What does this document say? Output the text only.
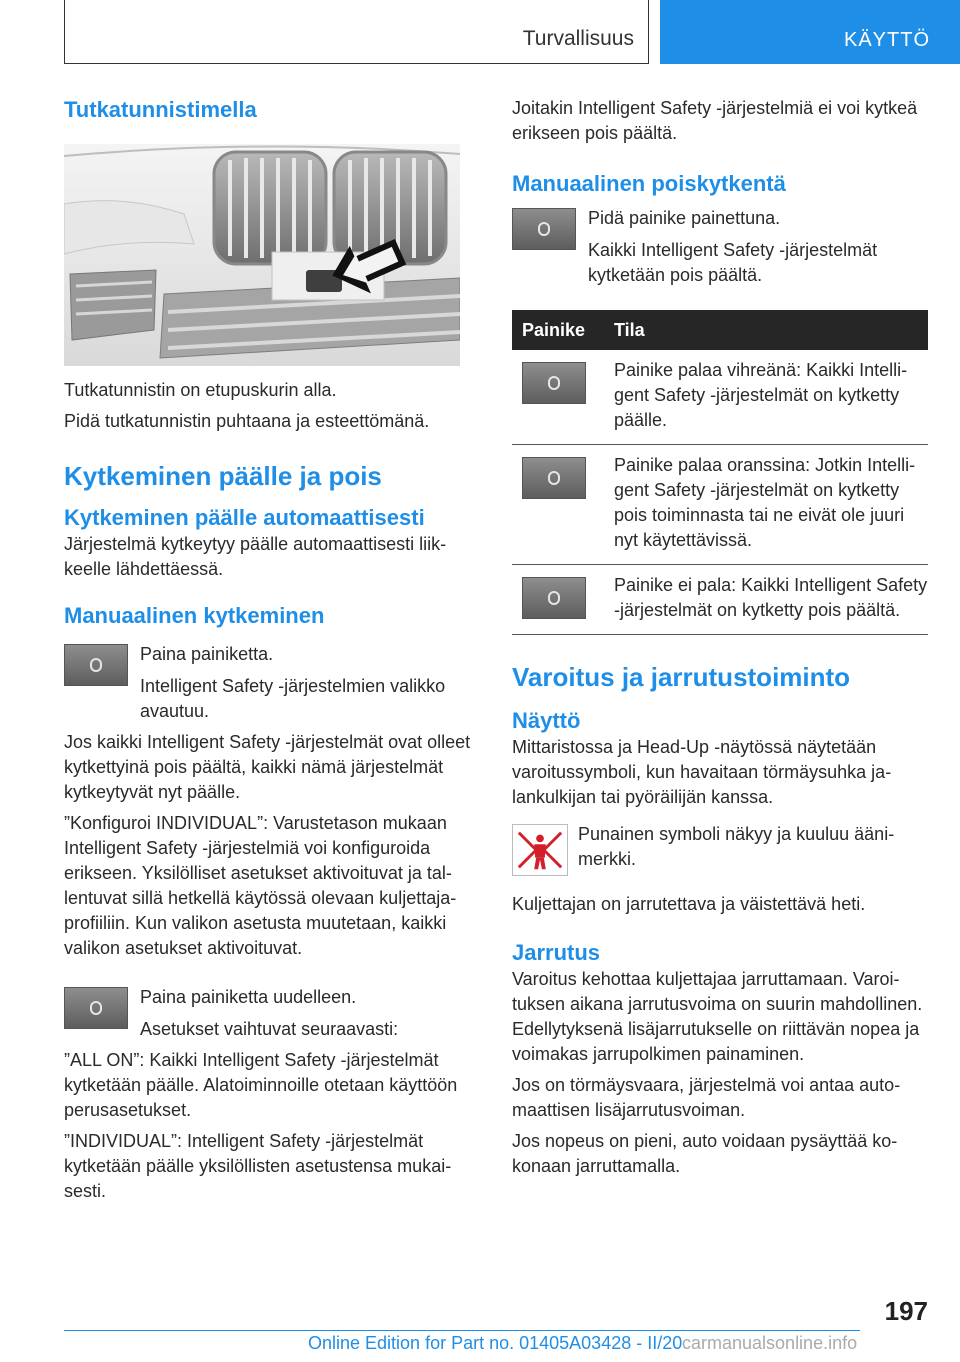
Turvallisuus	KÄYTTÖ
Tutkatunnistimella

Tutkatunnistin on etupuskurin alla.

Pidä tutkatunnistin puhtaana ja esteettömänä.

Kytkeminen päälle ja pois
Kytkeminen päälle automaattisesti

Järjestelmä kytkeytyy päälle automaattisesti liikkeelle lähdettäessä.

Manuaalinen kytkeminen

Paina painiketta.

Intelligent Safety -järjestelmien valikko avautuu.

Jos kaikki Intelligent Safety -järjestelmät ovat olleet kytkettyinä pois päältä, kaikki nämä järjestelmät kytkeytyvät nyt päälle.

”Konfiguroi INDIVIDUAL”: Varustetason mukaan Intelligent Safety -järjestelmiä voi konfiguroida erikseen. Yksilölliset asetukset aktivoituvat ja tallentuvat sillä hetkellä käytössä olevaan kuljettajaprofiiliin. Kun valikon asetusta muutetaan, kaikki valikon asetukset aktivoituvat.

Paina painiketta uudelleen.

Asetukset vaihtuvat seuraavasti:

”ALL ON”: Kaikki Intelligent Safety -järjestelmät kytketään päälle. Alatoiminnoille otetaan käyttöön perusasetukset.

”INDIVIDUAL”: Intelligent Safety -järjestelmät kytketään päälle yksilöllisten asetustensa mukaisesti.

Joitakin Intelligent Safety -järjestelmiä ei voi kytkeä erikseen pois päältä.

Manuaalinen poiskytkentä

Pidä painike painettuna.

Kaikki Intelligent Safety -järjestelmät kytketään pois päältä.

Painike	Tila
	Painike palaa vihreänä: Kaikki Intelligent Safety -järjestelmät on kytketty päälle.
	Painike palaa oranssina: Jotkin Intelligent Safety -järjestelmät on kytketty pois toiminnasta tai ne eivät ole juuri nyt käytettävissä.
	Painike ei pala: Kaikki Intelligent Safety -järjestelmät on kytketty pois päältä.
Varoitus ja jarrutustoiminto
Näyttö

Mittaristossa ja Head-Up -näytössä näytetään varoitussymboli, kun havaitaan törmäysuhka jalankulkijan tai pyöräilijän kanssa.

Punainen symboli näkyy ja kuuluu äänimerkki.

Kuljettajan on jarrutettava ja väistettävä heti.

Jarrutus

Varoitus kehottaa kuljettajaa jarruttamaan. Varoituksen aikana jarrutusvoima on suurin mahdollinen. Edellytyksenä lisäjarrutukselle on riittävän nopea ja voimakas jarrupolkimen painaminen.

Jos on törmäysvaara, järjestelmä voi antaa automaattisen lisäjarrutusvoiman.

Jos nopeus on pieni, auto voidaan pysäyttää kokonaan jarruttamalla.

197
Online Edition for Part no. 01405A03428 - II/20 carmanualsonline.info
